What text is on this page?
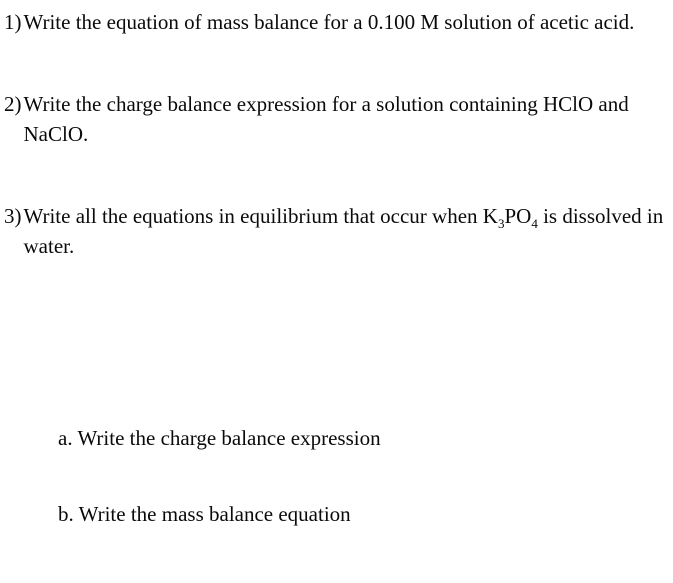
1) Write the equation of mass balance for a 0.100 M solution of acetic acid.
2) Write the charge balance expression for a solution containing HClO and NaClO.
3) Write all the equations in equilibrium that occur when $K_3PO_4$ is dissolved in water.
a. Write the charge balance expression
b. Write the mass balance equation
